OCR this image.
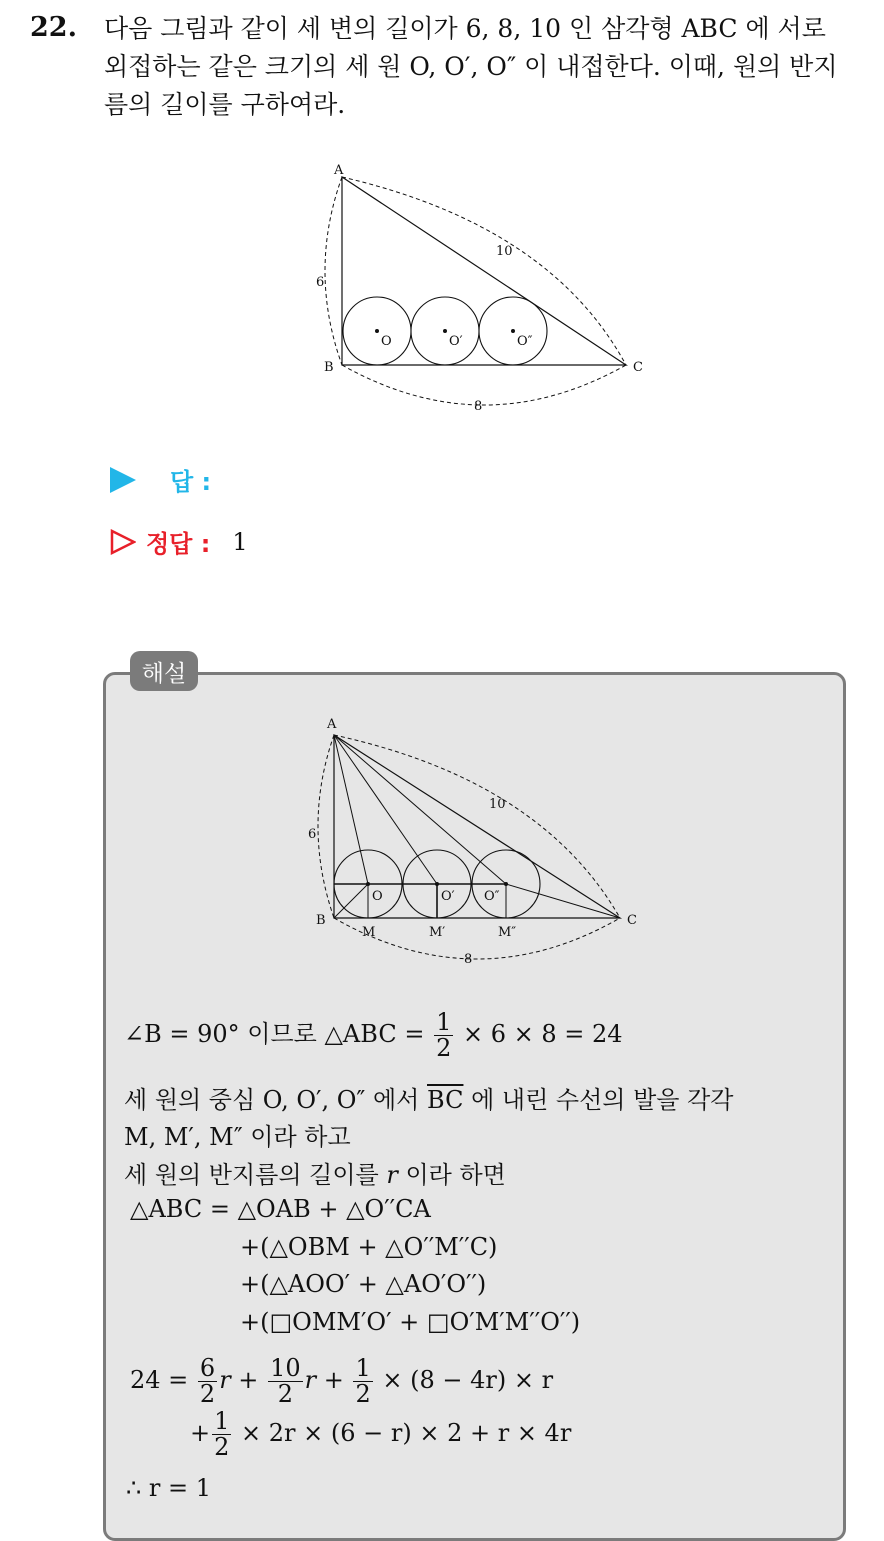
22. 다음 그림과 같이 세 변의 길이가 6, 8, 10 인 삼각형 ABC 에 서로
외접하는 같은 크기의 세 원 O, O′, O″ 이 내접한다. 이때, 원의 반지
름의 길이를 구하여라.
O	O′	O″
A
B	C
6
10
8
답 :
정답 : 1
해설
O	O′ O″
M	M′	M″
A
B	C
6
10
8
∠B = 90° 이므로 △ABC = $\frac{1}{2} \times 6 \times 8 = 24$
세 원의 중심 O, O′, O″ 에서 $\overline{BC}$ 에 내린 수선의 발을 각각
M, M′, M″ 이라 하고
세 원의 반지름의 길이를 r 이라 하면
△ABC = △OAB + △O′′CA
+(△OBM + △O′′M′′C)
+(△AOO′ + △AO′O′′)
+(□OMM′O′ + □O′M′M′′O′′)
$24 = \frac{6}{2}$ $r + \frac{10}{2}$ $r + \frac{1}{2} \times (8 - 4r) \times r$
+ $\frac{1}{2} \times 2r \times (6 - r) \times 2 + r \times 4r$
∴ r = 1
